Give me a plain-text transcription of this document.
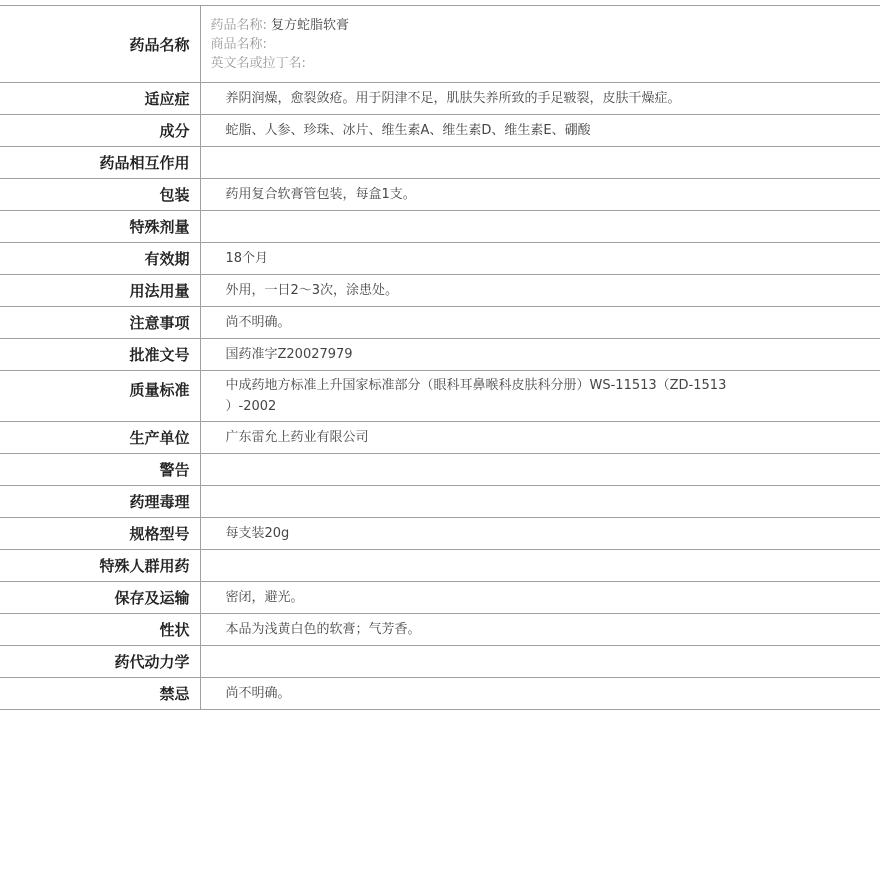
药品名称	药品名称: 复方蛇脂软膏
商品名称:
英文名或拉丁名:

适应症	养阴润燥，愈裂敛疮。用于阴津不足，肌肤失养所致的手足皲裂，皮肤干燥症。
成分	蛇脂、人参、珍珠、冰片、维生素A、维生素D、维生素E、硼酸
药品相互作用	
包装	药用复合软膏管包装，每盒1支。
特殊剂量	
有效期	18个月
用法用量	外用，一日2～3次，涂患处。
注意事项	尚不明确。
批准文号	国药准字Z20027979
质量标准	中成药地方标准上升国家标准部分（眼科耳鼻喉科皮肤科分册）WS-11513（ZD-1513
）-2002

生产单位	广东雷允上药业有限公司
警告	
药理毒理	
规格型号	每支装20g
特殊人群用药	
保存及运输	密闭，避光。
性状	本品为浅黄白色的软膏；气芳香。
药代动力学	
禁忌	尚不明确。
